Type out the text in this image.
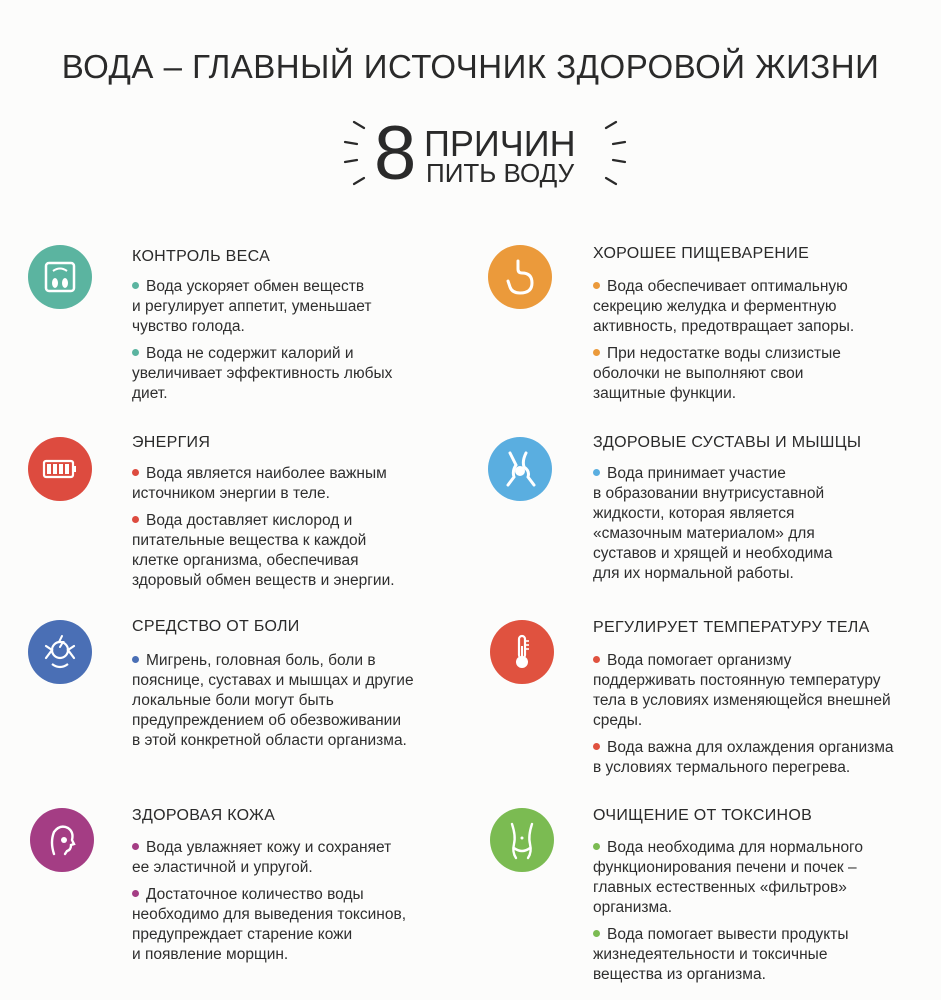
ВОДА – ГЛАВНЫЙ ИСТОЧНИК ЗДОРОВОЙ ЖИЗНИ
8 ПРИЧИН
ПИТЬ ВОДУ
КОНТРОЛЬ ВЕСА
Вода ускоряет обмен веществ
и регулирует аппетит, уменьшает
чувство голода.
Вода не содержит калорий и
увеличивает эффективность любых
диет.
ХОРОШЕЕ ПИЩЕВАРЕНИЕ
Вода обеспечивает оптимальную
секрецию желудка и ферментную
активность, предотвращает запоры.
При недостатке воды слизистые
оболочки не выполняют свои
защитные функции.
ЭНЕРГИЯ
Вода является наиболее важным
источником энергии в теле.
Вода доставляет кислород и
питательные вещества к каждой
клетке организма, обеспечивая
здоровый обмен веществ и энергии.
ЗДОРОВЫЕ СУСТАВЫ И МЫШЦЫ
Вода принимает участие
в образовании внутрисуставной
жидкости, которая является
«смазочным материалом» для
суставов и хрящей и необходима
для их нормальной работы.
СРЕДСТВО ОТ БОЛИ
Мигрень, головная боль, боли в
пояснице, суставах и мышцах и другие
локальные боли могут быть
предупреждением об обезвоживании
в этой конкретной области организма.
РЕГУЛИРУЕТ ТЕМПЕРАТУРУ ТЕЛА
Вода помогает организму
поддерживать постоянную температуру
тела в условиях изменяющейся внешней
среды.
Вода важна для охлаждения организма
в условиях термального перегрева.
ЗДОРОВАЯ КОЖА
Вода увлажняет кожу и сохраняет
ее эластичной и упругой.
Достаточное количество воды
необходимо для выведения токсинов,
предупреждает старение кожи
и появление морщин.
ОЧИЩЕНИЕ ОТ ТОКСИНОВ
Вода необходима для нормального
функционирования печени и почек –
главных естественных «фильтров»
организма.
Вода помогает вывести продукты
жизнедеятельности и токсичные
вещества из организма.
